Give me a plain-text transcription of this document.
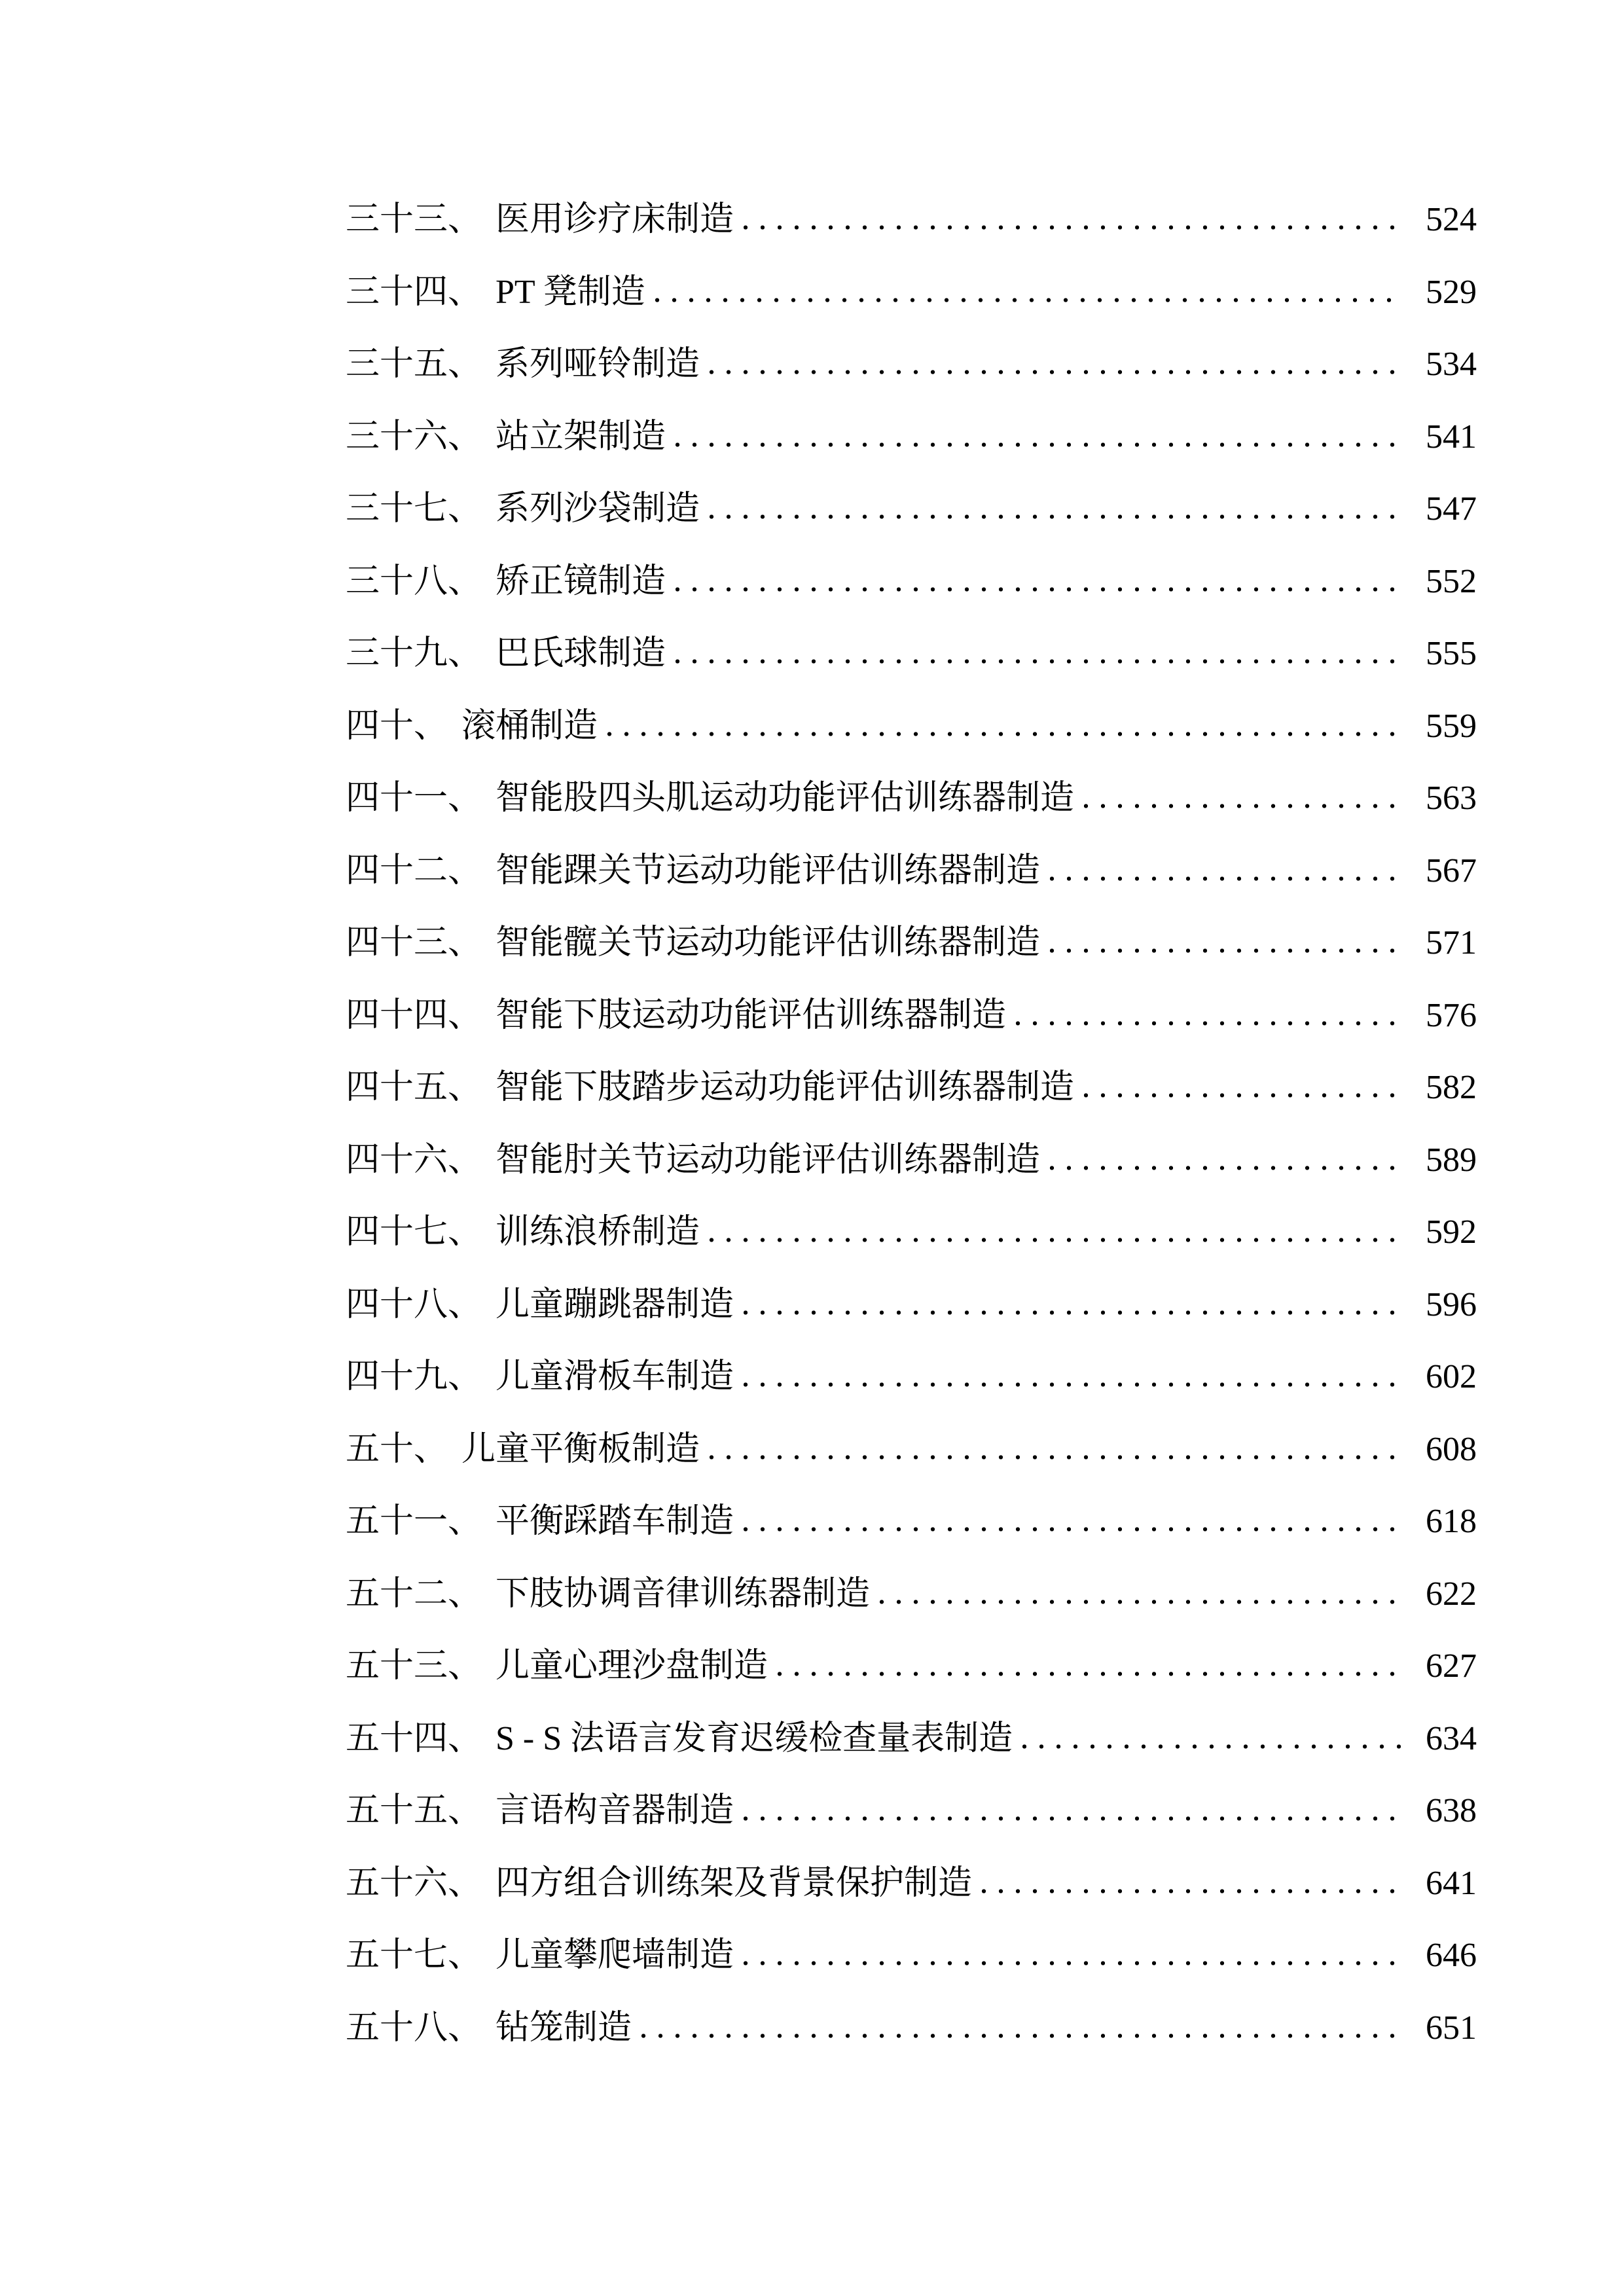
三十三、 医用诊疗床制造	524
三十四、 PT 凳制造	529
三十五、 系列哑铃制造	534
三十六、 站立架制造	541
三十七、 系列沙袋制造	547
三十八、 矫正镜制造	552
三十九、 巴氏球制造	555
四十、 滚桶制造	559
四十一、 智能股四头肌运动功能评估训练器制造	563
四十二、 智能踝关节运动功能评估训练器制造	567
四十三、 智能髋关节运动功能评估训练器制造	571
四十四、 智能下肢运动功能评估训练器制造	576
四十五、 智能下肢踏步运动功能评估训练器制造	582
四十六、 智能肘关节运动功能评估训练器制造	589
四十七、 训练浪桥制造	592
四十八、 儿童蹦跳器制造	596
四十九、 儿童滑板车制造	602
五十、 儿童平衡板制造	608
五十一、 平衡踩踏车制造	618
五十二、 下肢协调音律训练器制造	622
五十三、 儿童心理沙盘制造	627
五十四、 S - S 法语言发育迟缓检查量表制造	634
五十五、 言语构音器制造	638
五十六、 四方组合训练架及背景保护制造	641
五十七、 儿童攀爬墙制造	646
五十八、 钻笼制造	651
